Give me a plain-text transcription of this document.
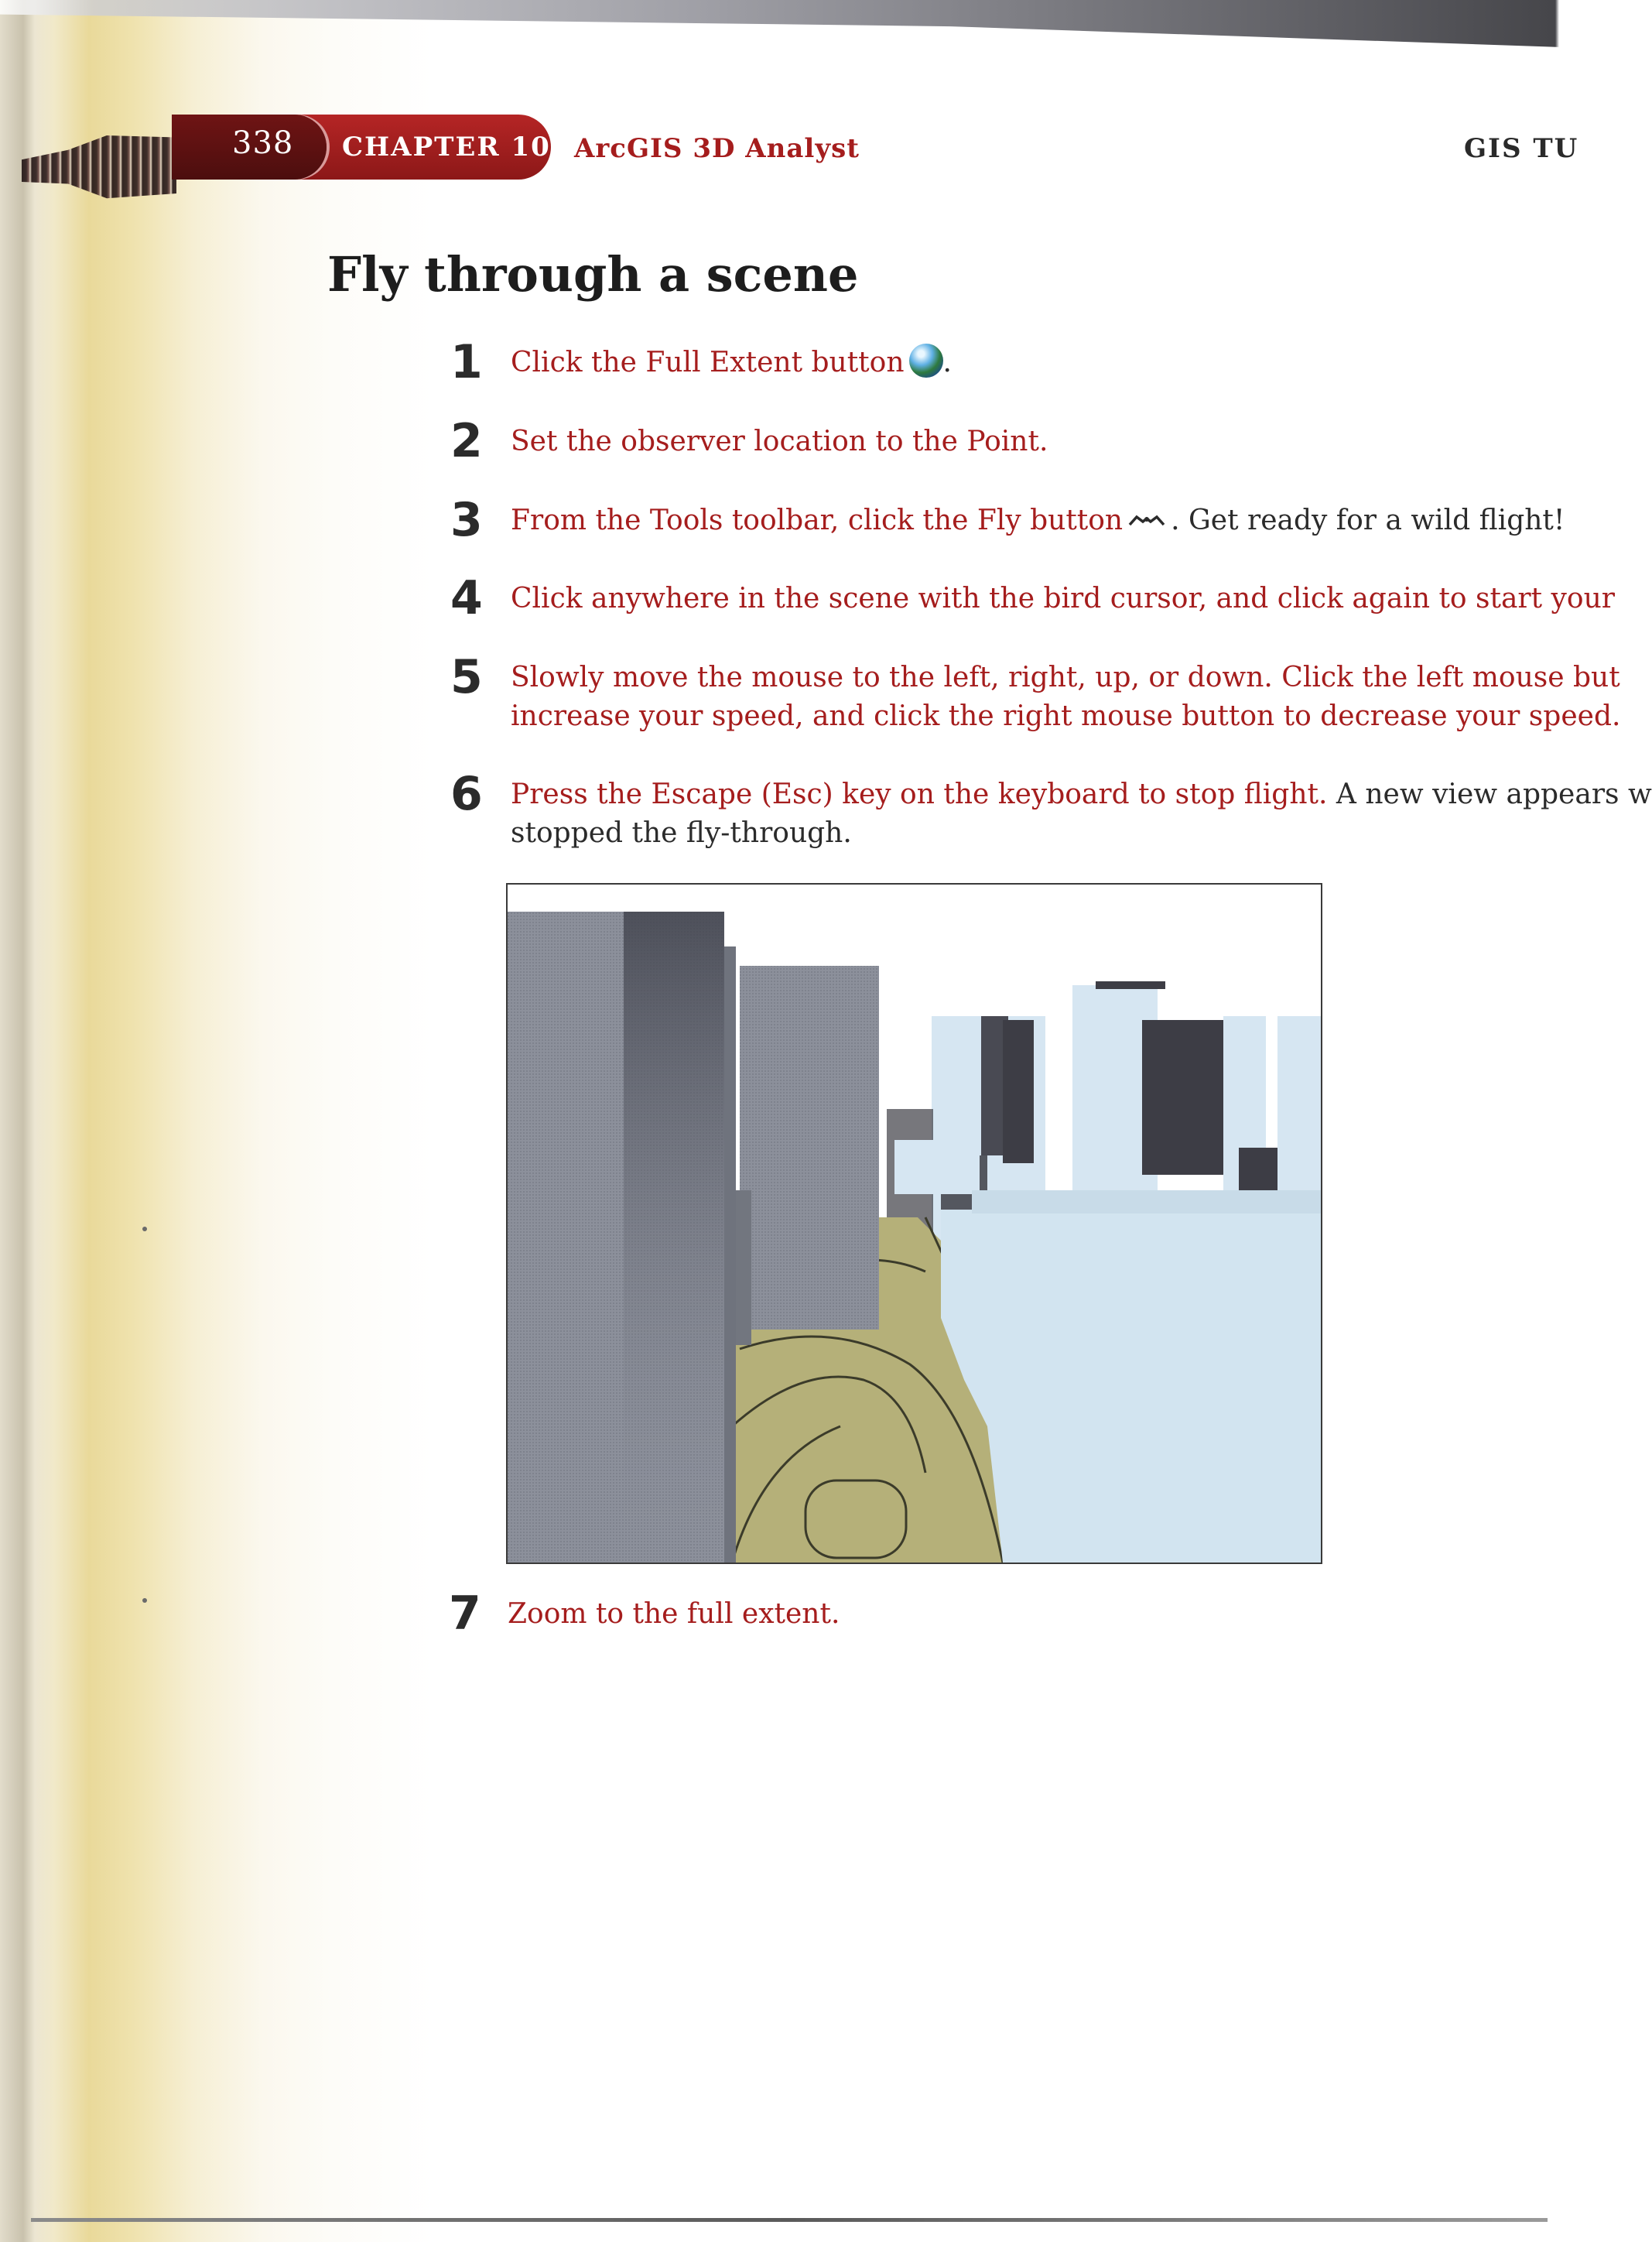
338 CHAPTER 10 ArcGIS 3D Analyst	GIS TU
Fly through a scene
1 Click the Full Extent button .
2 Set the observer location to the Point.
3 From the Tools toolbar, click the Fly button . Get ready for a wild flight!
4 Click anywhere in the scene with the bird cursor, and click again to start your
5 Slowly move the mouse to the left, right, up, or down. Click the left mouse but
increase your speed, and click the right mouse button to decrease your speed.
6 Press the Escape (Esc) key on the keyboard to stop flight. A new view appears w
stopped the fly-through.
7 Zoom to the full extent.
